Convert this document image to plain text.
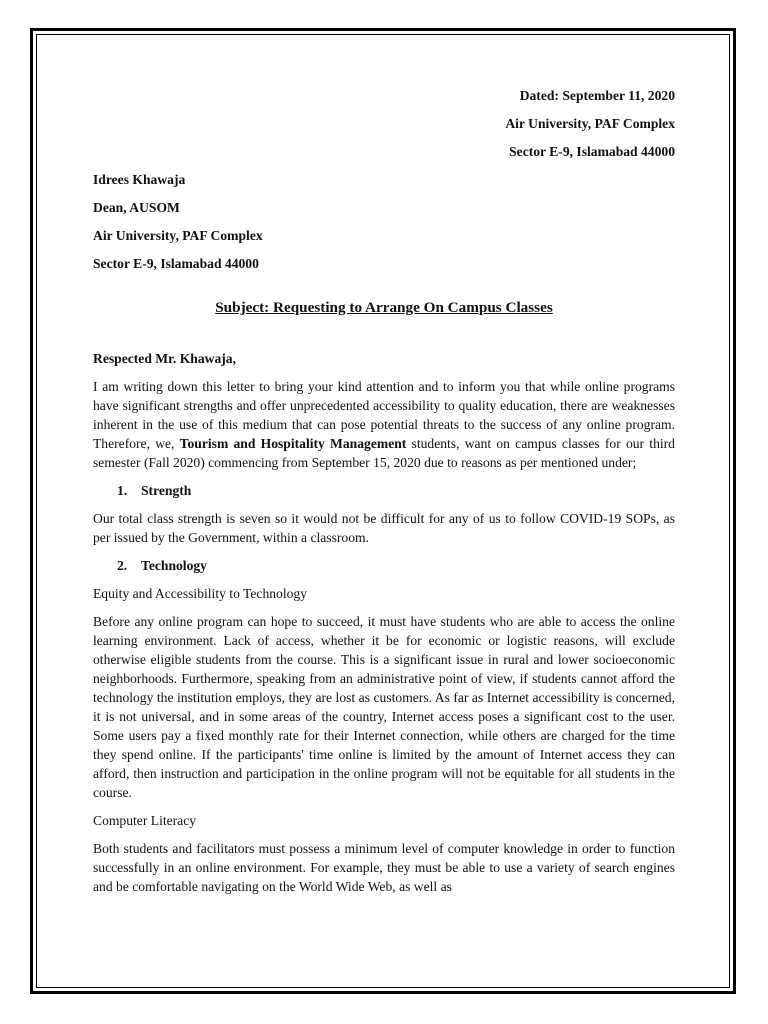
Dated: September 11, 2020
Air University, PAF Complex
Sector E-9, Islamabad 44000
Idrees Khawaja
Dean, AUSOM
Air University, PAF Complex
Sector E-9, Islamabad 44000
Subject: Requesting to Arrange On Campus Classes
Respected Mr. Khawaja,

I am writing down this letter to bring your kind attention and to inform you that while online programs have significant strengths and offer unprecedented accessibility to quality education, there are weaknesses inherent in the use of this medium that can pose potential threats to the success of any online program. Therefore, we, Tourism and Hospitality Management students, want on campus classes for our third semester (Fall 2020) commencing from September 15, 2020 due to reasons as per mentioned under;

1. Strength

Our total class strength is seven so it would not be difficult for any of us to follow COVID-19 SOPs, as per issued by the Government, within a classroom.

2. Technology
Equity and Accessibility to Technology

Before any online program can hope to succeed, it must have students who are able to access the online learning environment. Lack of access, whether it be for economic or logistic reasons, will exclude otherwise eligible students from the course. This is a significant issue in rural and lower socioeconomic neighborhoods. Furthermore, speaking from an administrative point of view, if students cannot afford the technology the institution employs, they are lost as customers. As far as Internet accessibility is concerned, it is not universal, and in some areas of the country, Internet access poses a significant cost to the user. Some users pay a fixed monthly rate for their Internet connection, while others are charged for the time they spend online. If the participants' time online is limited by the amount of Internet access they can afford, then instruction and participation in the online program will not be equitable for all students in the course.

Computer Literacy

Both students and facilitators must possess a minimum level of computer knowledge in order to function successfully in an online environment. For example, they must be able to use a variety of search engines and be comfortable navigating on the World Wide Web, as well as
